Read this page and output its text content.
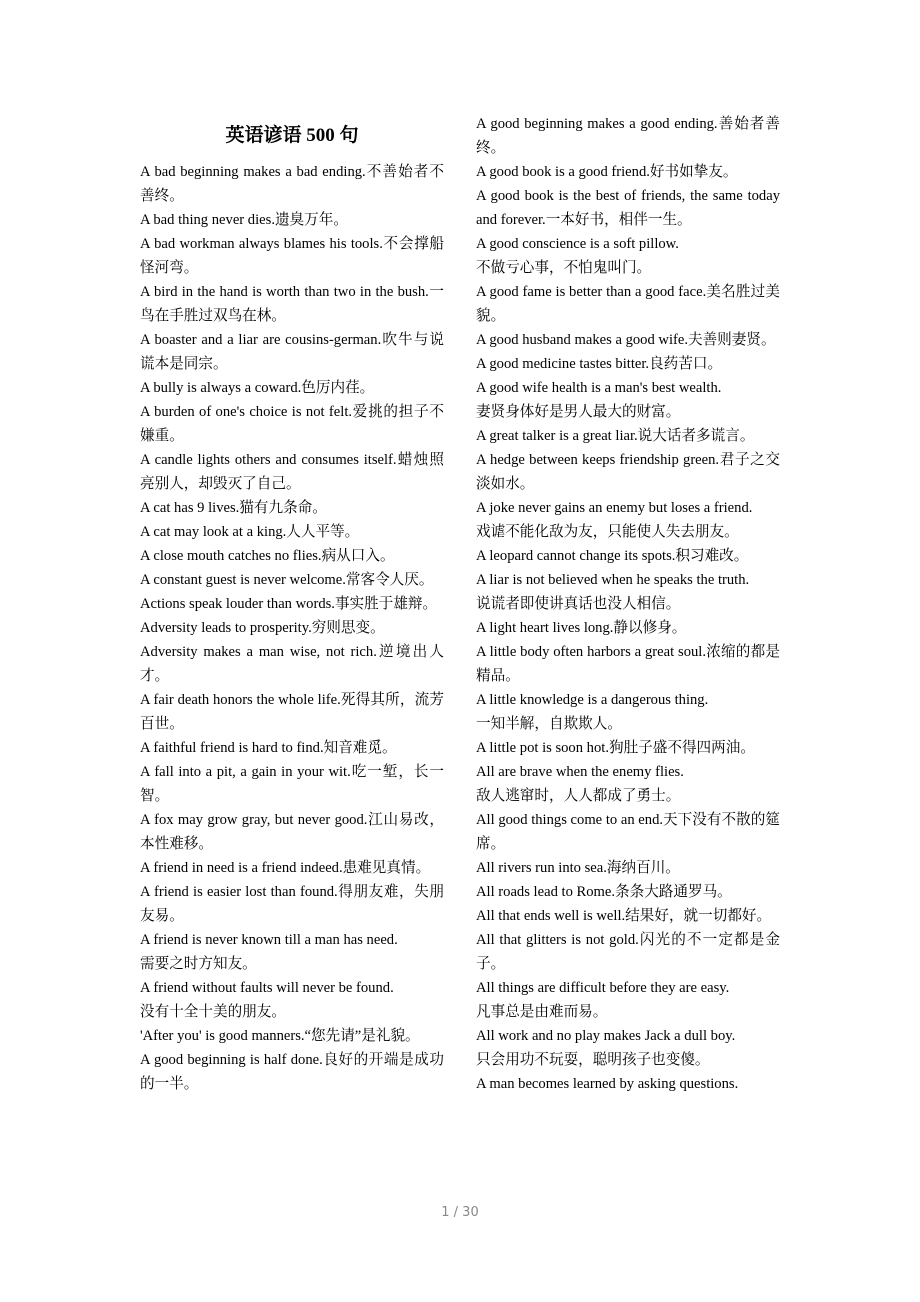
英语谚语 500 句
A bad beginning makes a bad ending.不善始者不善终。
A bad thing never dies.遗臭万年。
A bad workman always blames his tools.不会撑船怪河弯。
A bird in the hand is worth than two in the bush.一鸟在手胜过双鸟在林。
A boaster and a liar are cousins-german.吹牛与说谎本是同宗。
A bully is always a coward.色厉内荏。
A burden of one's choice is not felt.爱挑的担子不嫌重。
A candle lights others and consumes itself.蜡烛照亮别人，却毁灭了自己。
A cat has 9 lives.猫有九条命。
A cat may look at a king.人人平等。
A close mouth catches no flies.病从口入。
A constant guest is never welcome.常客令人厌。
Actions speak louder than words.事实胜于雄辩。
Adversity leads to prosperity.穷则思变。
Adversity makes a man wise, not rich.逆境出人才。
A fair death honors the whole life.死得其所，流芳百世。
A faithful friend is hard to find.知音难觅。
A fall into a pit, a gain in your wit.吃一堑，长一智。
A fox may grow gray, but never good.江山易改，本性难移。
A friend in need is a friend indeed.患难见真情。
A friend is easier lost than found.得朋友难，失朋友易。
A friend is never known till a man has need.
需要之时方知友。
A friend without faults will never be found.
没有十全十美的朋友。
'After you' is good manners.“您先请”是礼貌。
A good beginning is half done.良好的开端是成功的一半。
A good beginning makes a good ending.善始者善终。
A good book is a good friend.好书如挚友。
A good book is the best of friends, the same today and forever.一本好书，相伴一生。
A good conscience is a soft pillow.
不做亏心事，不怕鬼叫门。
A good fame is better than a good face.美名胜过美貌。
A good husband makes a good wife.夫善则妻贤。
A good medicine tastes bitter.良药苦口。
A good wife health is a man's best wealth.
妻贤身体好是男人最大的财富。
A great talker is a great liar.说大话者多谎言。
A hedge between keeps friendship green.君子之交淡如水。
A joke never gains an enemy but loses a friend.
戏谑不能化敌为友，只能使人失去朋友。
A leopard cannot change its spots.积习难改。
A liar is not believed when he speaks the truth.
说谎者即使讲真话也没人相信。
A light heart lives long.静以修身。
A little body often harbors a great soul.浓缩的都是精品。
A little knowledge is a dangerous thing.
一知半解，自欺欺人。
A little pot is soon hot.狗肚子盛不得四两油。
All are brave when the enemy flies.
敌人逃窜时，人人都成了勇士。
All good things come to an end.天下没有不散的筵席。
All rivers run into sea.海纳百川。
All roads lead to Rome.条条大路通罗马。
All that ends well is well.结果好，就一切都好。
All that glitters is not gold.闪光的不一定都是金子。
All things are difficult before they are easy.
凡事总是由难而易。
All work and no play makes Jack a dull boy.
只会用功不玩耍，聪明孩子也变傻。
A man becomes learned by asking questions.
1 / 30
